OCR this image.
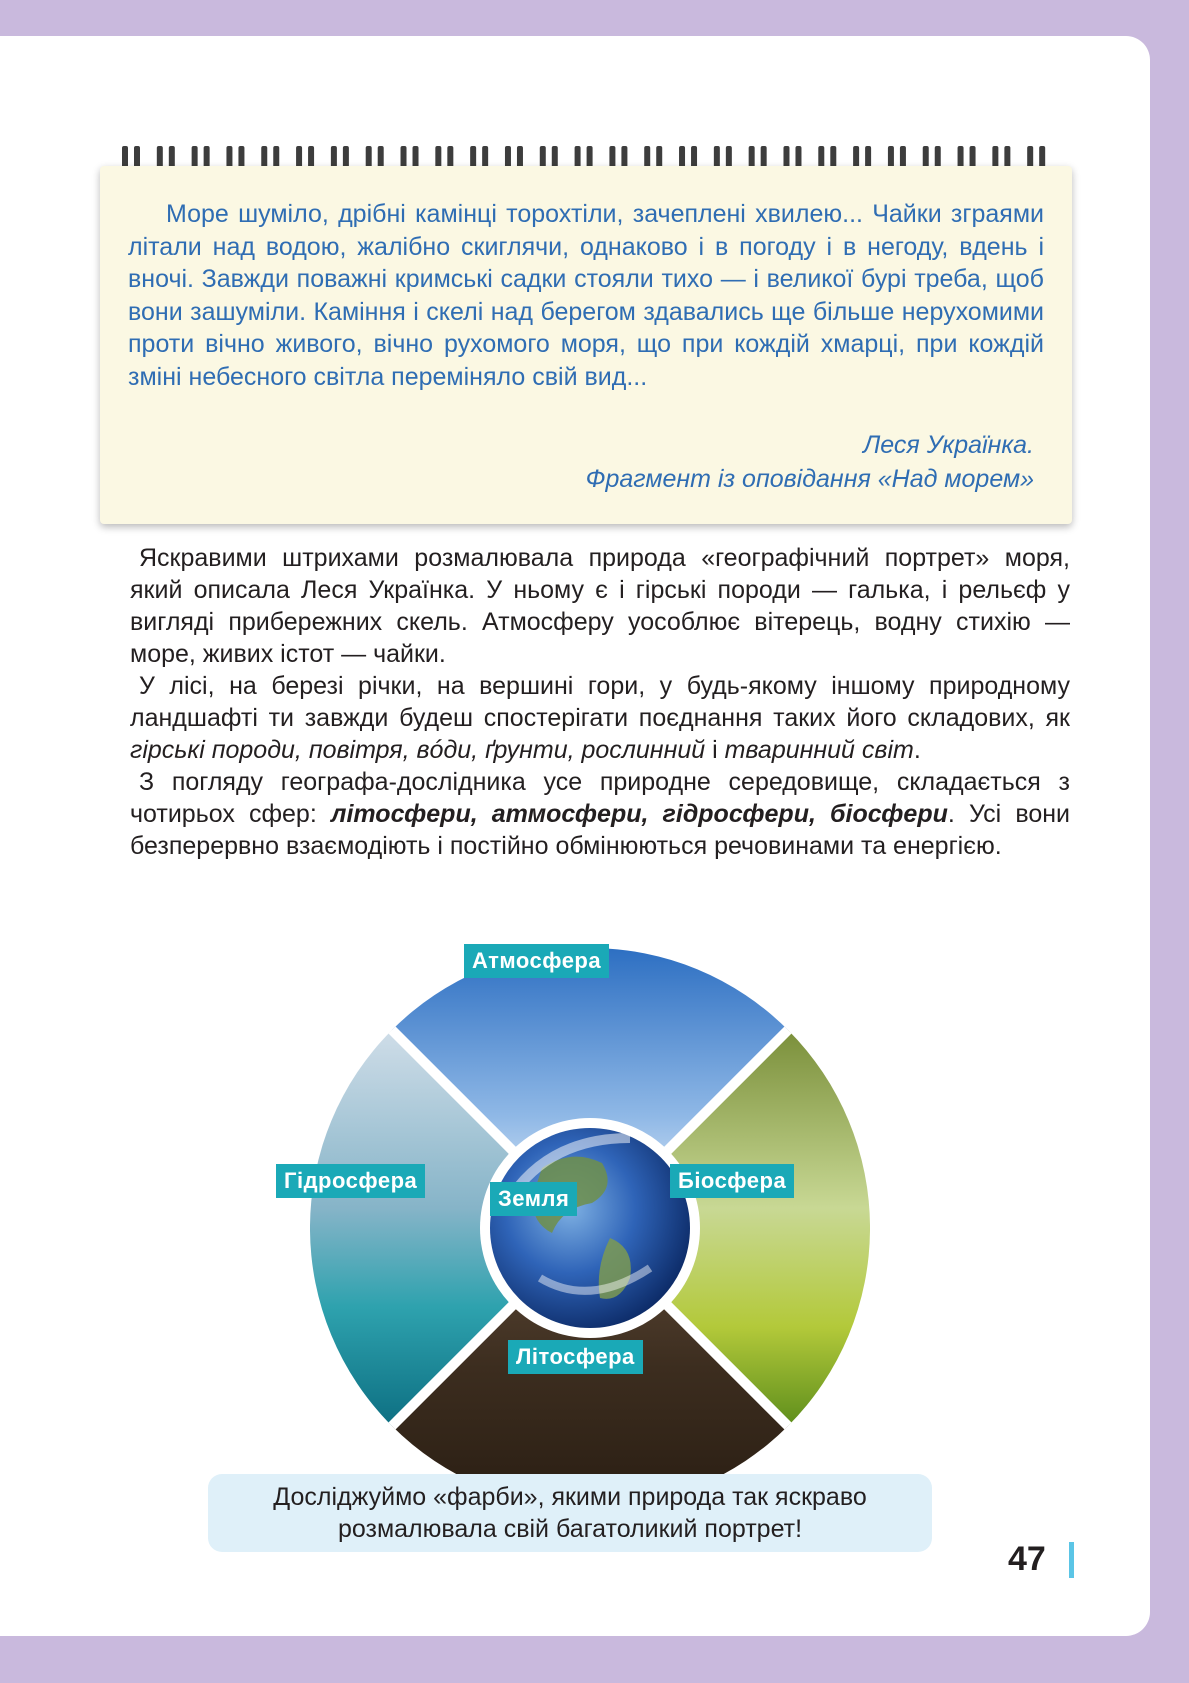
Море шуміло, дрібні камінці торохтіли, зачеплені хвилею... Чайки зграями літали над водою, жалібно скиглячи, однаково і в погоду і в негоду, вдень і вночі. Завжди поважні кримські садки стояли тихо — і великої бурі треба, щоб вони зашуміли. Каміння і скелі над берегом здавались ще більше нерухомими проти вічно живого, вічно рухомого моря, що при кождій хмарці, при кождій зміні небесного світла переміняло свій вид...

Леся Українка.
Фрагмент із оповідання «Над морем»

Яскравими штрихами розмалювала природа «географічний портрет» моря, який описала Леся Українка. У ньому є і гірські породи — галька, і рельєф у вигляді прибережних скель. Атмосферу уособлює вітерець, водну стихію — море, живих істот — чайки.

У лісі, на березі річки, на вершині гори, у будь-якому іншому природному ландшафті ти завжди будеш спостерігати поєднання таких його складових, як гірські породи, повітря, вóди, ґрунти, рослинний і тваринний світ.

З погляду географа-дослідника усе природне середовище, складається з чотирьох сфер: літосфери, атмосфери, гідросфери, біосфери. Усі вони безперервно взаємодіють і постійно обмінюються речовинами та енергією.

Атмосфера
Гідросфера	Біосфера
Земля
Літосфера
Досліджуймо «фарби», якими природа так яскраво
розмалювала свій багатоликий портрет!
47
